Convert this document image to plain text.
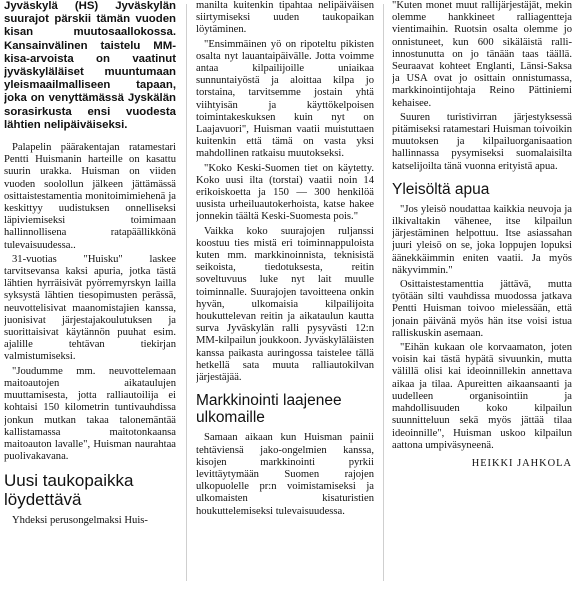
Jyväskylä (HS) Jyväskylän suurajot pärskii tämän vuoden kisan muutosaallokossa. Kansainvälinen taistelu MM-kisa-arvoista on vaatinut jyväskyläläiset muuntumaan yleismaailmalliseen tapaan, joka on venyttämässä Jyskälän sorasirkusta ensi vuodesta lähtien nelipäiväiseksi.

Palapelin päärakentajan ratamestari Pentti Huismanin harteille on kasattu suurin urakka. Huisman on viiden vuoden soolollun jälkeen jättämässä osittaistestamentia monitoimimiehenä ja keskittyy uudistuksen onnelliseksi läpiviemiseksi toimimaan hallinnollisena ratapäällikkönä tulevaisuudessa..

31-vuotias "Huisku" laskee tarvitsevansa kaksi apuria, jotka tästä lähtien hyrräisivät pyörremyrskyn lailla syksystä lähtien tiesopimusten perässä, neuvottelisivat maanomistajien kanssa, juonisivat järjestajakoulutuksen ja suorittaisivat käytännön puuhat esim. ajalille tehtävan tiekirjan valmistumiseksi.

"Joudumme mm. neuvottelemaan maitoautojen aikataulujen muuttamisesta, jotta ralliautoilija ei kohtaisi 150 kilometrin tuntivauhdissa jonkun mutkan takaa talonemäntää kallistamassa maitotonkaansa maitoauton lavalle", Huisman naurahtaa puolivakavana.

Uusi taukopaikka löydettävä

Yhdeksi perusongelmaksi Huis-

manilta kuitenkin tipahtaa nelipäiväisen siirtymiseksi uuden taukopaikan löytäminen.

"Ensimmäinen yö on ripoteltu pikisten osalta nyt lauantaipäivälle. Jotta voimme antaa kilpailijoille uniaikaa sunnuntaiyöstä ja aloittaa kilpa jo torstaina, tarvitsemme jostain yhtä viihtyisän ja käyttökelpoisen toimintakeskuksen kuin nyt on Laajavuori", Huisman vaatii muistuttaen kuitenkin että tämä on vasta yksi mahdollinen ratkaisu muutokseksi.

"Koko Keski-Suomen tiet on käytetty. Koko uusi ilta (torstai) vaatii noin 14 erikoiskoetta ja 150 — 300 henkilöä uusista urheiluautokerhoista, katse hakee jonnekin täältä Keski-Suomesta pois."

Vaikka koko suurajojen ruljanssi koostuu ties mistä eri toiminnappuloista kuten mm. markkinoinnista, teknisistä seikoista, tiedotuksesta, reitin soveltuvuus luke nyt lait muulle toiminnalle. Suurajojen tavoitteena onkin hyvän, ulkomaisia kilpailijoita houkuttelevan reitin ja aikataulun kautta surva Jyväskylän ralli pysyvästi 12:n MM-kilpailun joukkoon. Jyväskyläläisten kanssa paikasta auringossa taistelee tällä hetkellä sata muuta ralliautokilvan järjestäjää.

Markkinointi laajenee ulkomaille

Samaan aikaan kun Huisman painii tehtäviensä jako-ongelmien kanssa, kisojen markkinointi pyrkii levittäytymään Suomen rajojen ulkopuolelle pr:n voimistamiseksi ja ulkomaisten kisaturistien houkuttelemiseksi tulevaisuudessa.

"Kuten monet muut rallijärjestäjät, mekin olemme hankkineet ralliagentteja vientimaihin. Ruotsin osalta olemme jo onnistuneet, kun 600 sikäläistä ralli-innostunutta on jo tänään taas täällä. Seuraavat kohteet Englanti, Länsi-Saksa ja USA ovat jo osittain onnistumassa, markkinointijohtaja Reino Pättiniemi kehaisee.

Suuren turistivirran järjestyksessä pitämiseksi ratamestari Huisman toivoikin muutoksen ja kilpailuorganisaation hallinnassa pysymiseksi suomalaisilta katselijoilta tänä vuonna erityistä apua.

Yleisöltä apua

"Jos yleisö noudattaa kaikkia neuvoja ja ilkivaltakin vähenee, itse kilpailun järjestäminen helpottuu. Itse asiassahan juuri yleisö on se, joka loppujen lopuksi äänekkäimmin eniten vaatii. Ja myös näkyvimmin."

Osittaistestamenttia jättävä, mutta työtään silti vauhdissa muodossa jatkava Pentti Huisman toivoo mielessään, että jonain päivänä myös hän itse voisi istua ralliskuskin asemaan.

"Eihän kukaan ole korvaamaton, joten voisin kai tästä hypätä sivuunkin, mutta välillä olisi kai ideoinnillekin annettava aikaa ja tilaa. Apureitten aikaansaanti ja uudelleen organisointiin ja mahdollisuuden koko kilpailun suunnitteluun sekä myös jättää tilaa ideoinnille", Huisman uskoo kilpailun aattona umpiväsyneenä.

HEIKKI JAHKOLA
